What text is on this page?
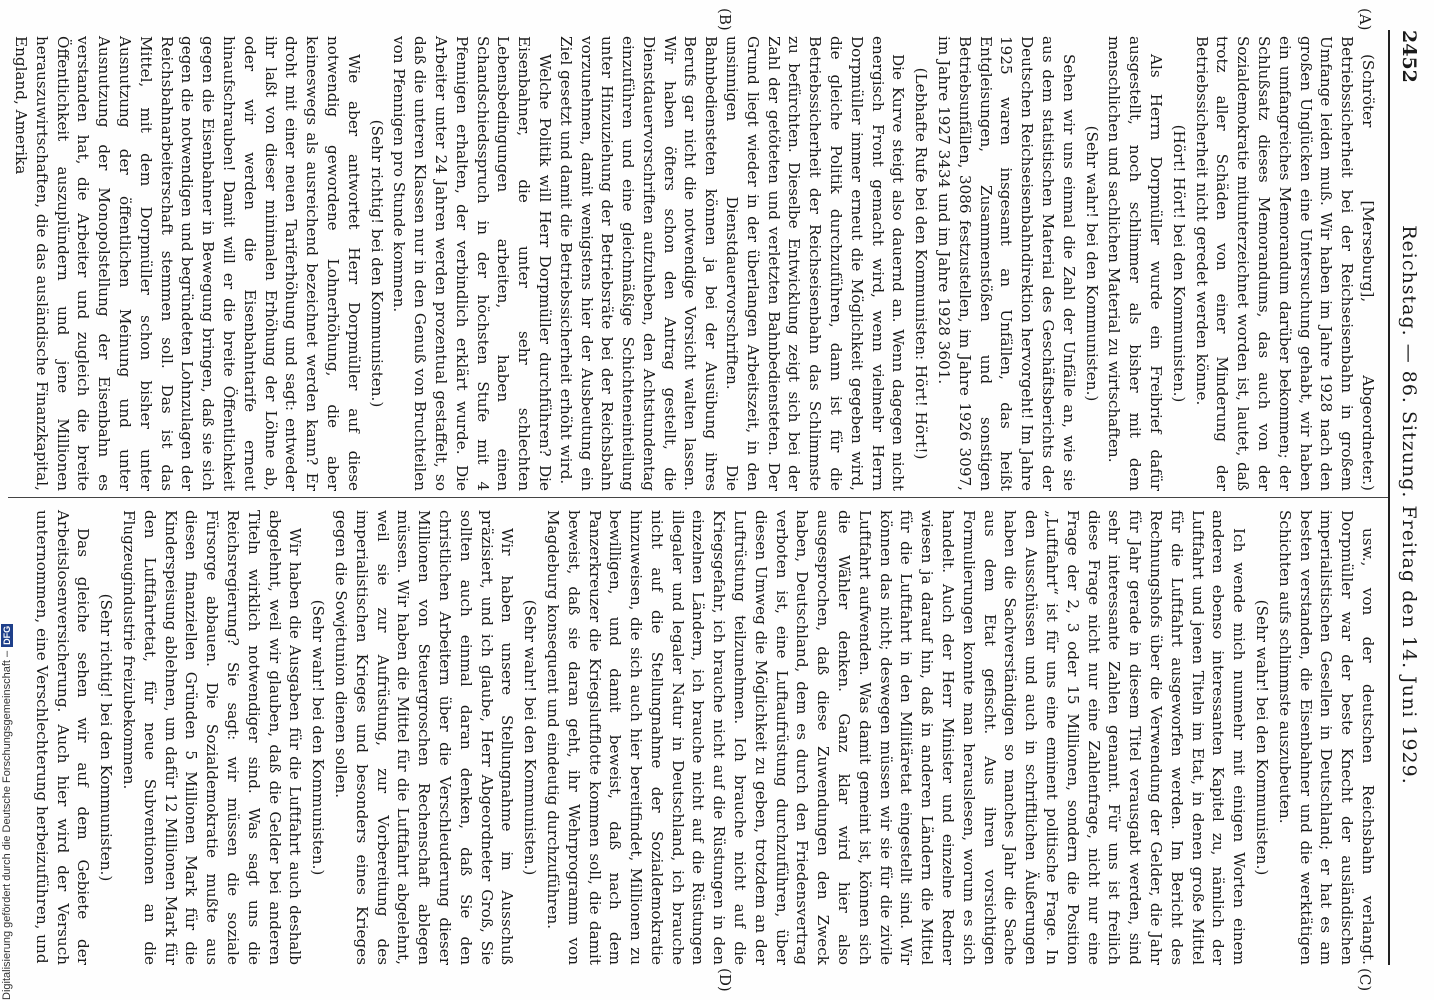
2452
Reichstag. — 86. Sitzung. Freitag den 14. Juni 1929.
(A)
(B)
(C)
(D)

(Schröter [Merseburg], Abgeordneter.) Betriebssicherheit bei der Reichseisenbahn in großem Umfange leiden muß. Wir haben im Jahre 1928 nach den großen Unglücken eine Untersuchung gehabt, wir haben ein umfangreiches Memorandum darüber bekommen; der Schlußsatz dieses Memorandums, das auch von der Sozialdemokratie mitunterzeichnet worden ist, lautet, daß trotz aller Schäden von einer Minderung der Betriebssicherheit nicht geredet werden könne.

(Hört! Hört! bei den Kommunisten.)

Als Herrn Dorpmüller wurde ein Freibrief dafür ausgestellt, noch schlimmer als bisher mit dem menschlichen und sachlichen Material zu wirtschaften.

(Sehr wahr! bei den Kommunisten.)

Sehen wir uns einmal die Zahl der Unfälle an, wie sie aus dem statistischen Material des Geschäftsberichts der Deutschen Reichseisenbahndirektion hervorgeht! Im Jahre 1925 waren insgesamt an Unfällen, das heißt Entgleisungen, Zusammenstößen und sonstigen Betriebsunfällen, 3086 festzustellen, im Jahre 1926 3097, im Jahre 1927 3434 und im Jahre 1928 3601.

(Lebhafte Rufe bei den Kommunisten: Hört! Hört!)

Die Kurve steigt also dauernd an. Wenn dagegen nicht energisch Front gemacht wird, wenn vielmehr Herrn Dorpmüller immer erneut die Möglichkeit gegeben wird, die gleiche Politik durchzuführen, dann ist für die Betriebssicherheit der Reichseisenbahn das Schlimmste zu befürchten. Dieselbe Entwicklung zeigt sich bei der Zahl der getöteten und verletzten Bahnbediensteten. Der Grund liegt wieder in der überlangen Arbeitszeit, in den unsinnigen Dienstdauervorschriften. Die Bahnbediensteten können ja bei der Ausübung ihres Berufs gar nicht die notwendige Vorsicht walten lassen. Wir haben öfters schon den Antrag gestellt, die Dienstdauervorschriften aufzuheben, den Achtstundentag einzuführen und eine gleichmäßige Schichteneinteilung unter Hinzuziehung der Betriebsräte bei der Reichsbahn vorzunehmen, damit wenigstens hier der Ausbeutung ein Ziel gesetzt und damit die Betriebssicherheit erhöht wird.

Welche Politik will Herr Dorpmüller durchführen? Die Eisenbahner, die unter sehr schlechten Lebensbedingungen arbeiten, haben einen Schandschiedsspruch in der höchsten Stufe mit 4 Pfennigen erhalten, der verbindlich erklärt wurde. Die Arbeiter unter 24 Jahren werden prozentual gestaffelt, so daß die unteren Klassen nur in den Genuß von Bruchteilen von Pfennigen pro Stunde kommen.

(Sehr richtig! bei den Kommunisten.)

Wie aber antwortet Herr Dorpmüller auf diese notwendig gewordene Lohnerhöhung, die aber keineswegs als ausreichend bezeichnet werden kann? Er droht mit einer neuen Tariferhöhung und sagt: entweder ihr laßt von dieser minimalen Erhöhung der Löhne ab, oder wir werden die Eisenbahntarife erneut hinaufschrauben! Damit will er die breite Öffentlichkeit gegen die Eisenbahner in Bewegung bringen, daß sie sich gegen die notwendigen und begründeten Lohnzulagen der Reichsbahnarbeiterschaft stemmen soll. Das ist das Mittel, mit dem Dorpmüller schon bisher unter Ausnutzung der öffentlichen Meinung und unter Ausnutzung der Monopolstellung der Eisenbahn es verstanden hat, die Arbeiter und zugleich die breite Öffentlichkeit auszuplündern und jene Millionen herauszuwirtschaften, die das ausländische Finanzkapital, England, Amerika

usw., von der deutschen Reichsbahn verlangt. Dorpmüller war der beste Knecht der ausländischen imperialistischen Gesellen in Deutschland; er hat es am besten verstanden, die Eisenbahner und die werktätigen Schichten aufs schlimmste auszubeuten.

(Sehr wahr! bei den Kommunisten.)

Ich wende mich nunmehr mit einigen Worten einem anderen ebenso interessanten Kapitel zu, nämlich der Luftfahrt und jenen Titeln im Etat, in denen große Mittel für die Luftfahrt ausgeworfen werden. Im Bericht des Rechnungshofs über die Verwendung der Gelder, die Jahr für Jahr gerade in diesem Titel verausgabt werden, sind sehr interessante Zahlen genannt. Für uns ist freilich diese Frage nicht nur eine Zahlenfrage, nicht nur eine Frage der 2, 3 oder 15 Millionen, sondern die Position „Luftfahrt“ ist für uns eine eminent politische Frage. In den Ausschüssen und auch in schriftlichen Äußerungen haben die Sachverständigen so manches Jahr die Sache aus dem Etat gefischt. Aus ihren vorsichtigen Formulierungen konnte man herauslesen, worum es sich handelt. Auch der Herr Minister und einzelne Redner wiesen ja darauf hin, daß in anderen Ländern die Mittel für die Luftfahrt in den Militäretat eingestellt sind. Wir können das nicht; deswegen müssen wir sie für die zivile Luftfahrt aufwenden. Was damit gemeint ist, können sich die Wähler denken. Ganz klar wird hier also ausgesprochen, daß diese Zuwendungen den Zweck haben, Deutschland, dem es durch den Friedensvertrag verboten ist, eine Luftaufrüstung durchzuführen, über diesen Umweg die Möglichkeit zu geben, trotzdem an der Luftrüstung teilzunehmen. Ich brauche nicht auf die Kriegsgefahr, ich brauche nicht auf die Rüstungen in den einzelnen Ländern, ich brauche nicht auf die Rüstungen illegaler und legaler Natur in Deutschland, ich brauche nicht auf die Stellungnahme der Sozialdemokratie hinzuweisen, die sich auch hier bereitfindet, Millionen zu bewilligen, und damit beweist, daß nach dem Panzerkreuzer die Kriegsluftflotte kommen soll, die damit beweist, daß sie daran geht, ihr Wehrprogramm von Magdeburg konsequent und eindeutig durchzuführen.

(Sehr wahr! bei den Kommunisten.)

Wir haben unsere Stellungnahme im Ausschuß präzisiert, und ich glaube, Herr Abgeordneter Groß, Sie sollten auch einmal daran denken, daß Sie den christlichen Arbeitern über die Verschleuderung dieser Millionen von Steuergroschen Rechenschaft ablegen müssen. Wir haben die Mittel für die Luftfahrt abgelehnt, weil sie zur Aufrüstung, zur Vorbereitung des imperialistischen Krieges und besonders eines Krieges gegen die Sowjetunion dienen sollen.

(Sehr wahr! bei den Kommunisten.)

Wir haben die Ausgaben für die Luftfahrt auch deshalb abgelehnt, weil wir glauben, daß die Gelder bei anderen Titeln wirklich notwendiger sind. Was sagt uns die Reichsregierung? Sie sagt: wir müssen die soziale Fürsorge abbauen. Die Sozialdemokratie mußte aus diesen finanziellen Gründen 5 Millionen Mark für die Kinderspeisung ablehnen, um dafür 12 Millionen Mark für den Luftfahrtetat, für neue Subventionen an die Flugzeugindustrie freizubekommen.

(Sehr richtig! bei den Kommunisten.)

Das gleiche sehen wir auf dem Gebiete der Arbeitslosenversicherung. Auch hier wird der Versuch unternommen, eine Verschlechterung herbeizuführen, und

Digitalisierung gefördert durch die Deutsche Forschungsgemeinschaft –
DFG
